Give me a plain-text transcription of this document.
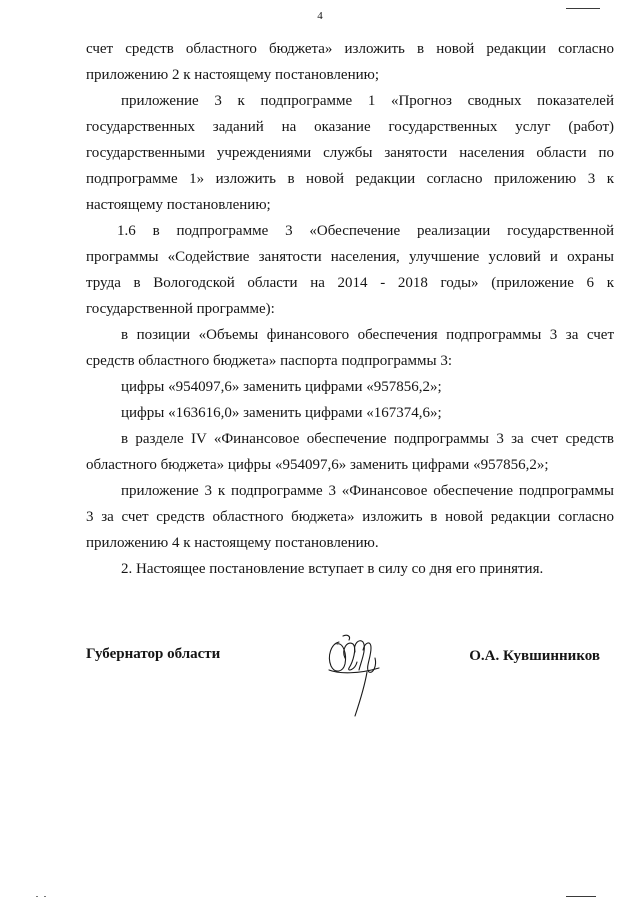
4
счет средств областного бюджета» изложить в новой редакции согласно
приложению 2 к настоящему постановлению;
приложение 3 к подпрограмме 1 «Прогноз сводных показателей
государственных заданий на оказание государственных услуг (работ)
государственными учреждениями службы занятости населения области по
подпрограмме 1» изложить в новой редакции согласно приложению 3 к
настоящему постановлению;
1.6 в подпрограмме 3 «Обеспечение реализации государственной
программы «Содействие занятости населения, улучшение условий и охраны
труда в Вологодской области на 2014 - 2018 годы» (приложение 6 к
государственной программе):
в позиции «Объемы финансового обеспечения подпрограммы 3 за счет
средств областного бюджета» паспорта подпрограммы 3:
цифры «954097,6» заменить цифрами «957856,2»;
цифры «163616,0» заменить цифрами «167374,6»;
в разделе IV «Финансовое обеспечение подпрограммы 3 за счет средств
областного бюджета» цифры «954097,6» заменить цифрами «957856,2»;
приложение 3 к подпрограмме 3 «Финансовое обеспечение подпрограммы
3 за счет средств областного бюджета» изложить в новой редакции согласно
приложению 4 к настоящему постановлению.
2. Настоящее постановление вступает в силу со дня его принятия.
Губернатор области	О.А. Кувшинников
